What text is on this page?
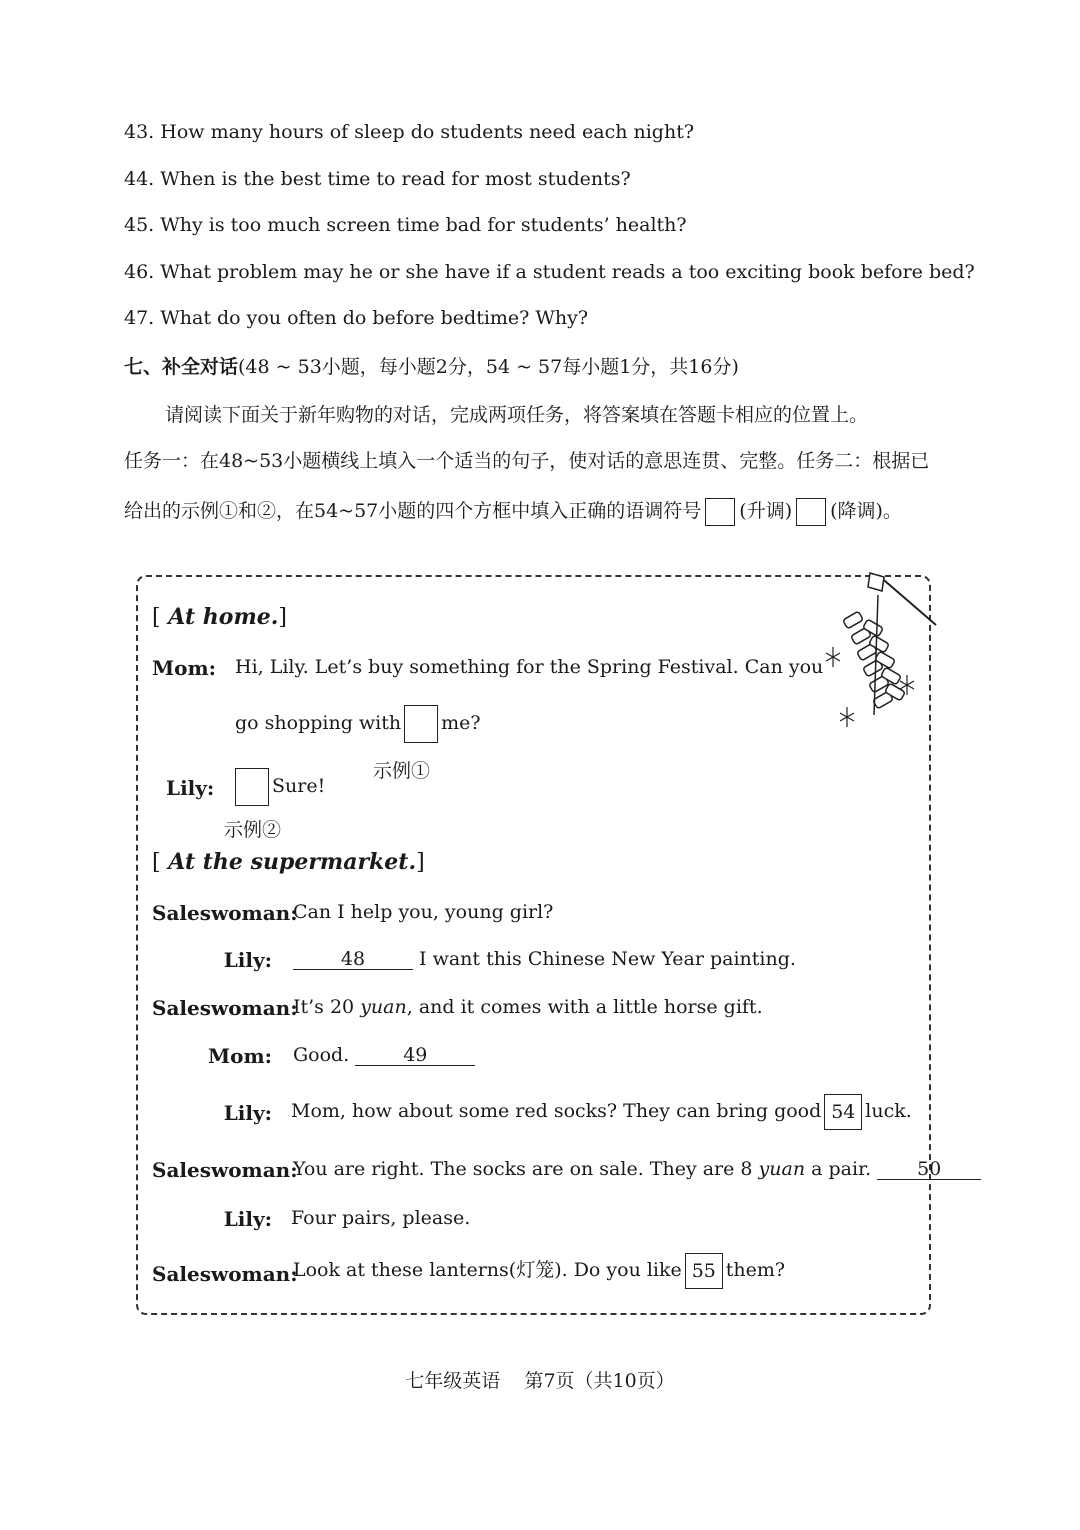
43. How many hours of sleep do students need each night?
44. When is the best time to read for most students?
45. Why is too much screen time bad for students’ health?
46. What problem may he or she have if a student reads a too exciting book before bed?
47. What do you often do before bedtime? Why?
七、补全对话(48 ~ 53小题，每小题2分，54 ~ 57每小题1分，共16分)
请阅读下面关于新年购物的对话，完成两项任务，将答案填在答题卡相应的位置上。
任务一：在48~53小题横线上填入一个适当的句子，使对话的意思连贯、完整。任务二：根据已
给出的示例①和②，在54~57小题的四个方框中填入正确的语调符号 (升调) (降调)。
[ At home.]
Mom: Hi, Lily. Let’s buy something for the Spring Festival. Can you
go shopping with me?
示例①
Lily:	Sure!
示例②
[ At the supermarket.]
Saleswoman:
Lily:
Saleswoman:
Mom:
Lily:
Saleswoman:
Lily:
Saleswoman:
Can I help you, young girl?
48	I want this Chinese New Year painting.
It’s 20 yuan, and it comes with a little horse gift.
Good.	49
Mom, how about some red socks? They can bring good 54 luck.
You are right. The socks are on sale. They are 8 yuan a pair. 50
Four pairs, please.
Look at these lanterns(灯笼). Do you like 55 them?
七年级英语    第7页（共10页）
